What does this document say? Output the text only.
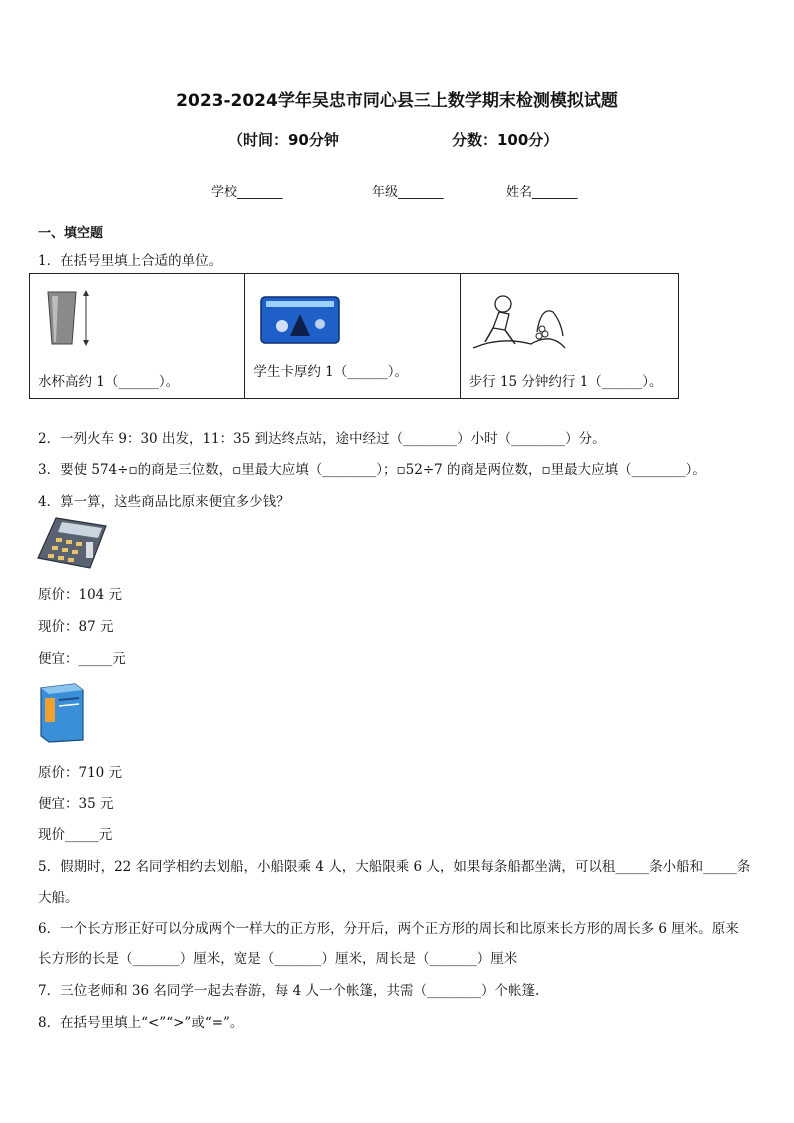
2023-2024学年吴忠市同心县三上数学期末检测模拟试题
（时间：90分钟	分数：100分）
学校_______	年级_______	姓名_______
一、填空题
1．在括号里填上合适的单位。
水杯高约 1（______）。

学生卡厚约 1（______）。

步行 15 分钟约行 1（______）。
2．一列火车 9：30 出发，11：35 到达终点站，途中经过（________）小时（________）分。
3．要使 574÷▫的商是三位数，▫里最大应填（________）；▫52÷7 的商是两位数，▫里最大应填（________）。
4．算一算，这些商品比原来便宜多少钱？
原价：104 元
现价：87 元
便宜：_____元
原价：710 元
便宜：35 元
现价_____元
5．假期时，22 名同学相约去划船，小船限乘 4 人，大船限乘 6 人，如果每条船都坐满，可以租_____条小船和_____条
大船。
6．一个长方形正好可以分成两个一样大的正方形，分开后，两个正方形的周长和比原来长方形的周长多 6 厘米。原来
长方形的长是（_______）厘米，宽是（_______）厘米，周长是（_______）厘米
7．三位老师和 36 名同学一起去春游，每 4 人一个帐篷，共需（________）个帐篷.
8．在括号里填上“<”“>”或“=”。
